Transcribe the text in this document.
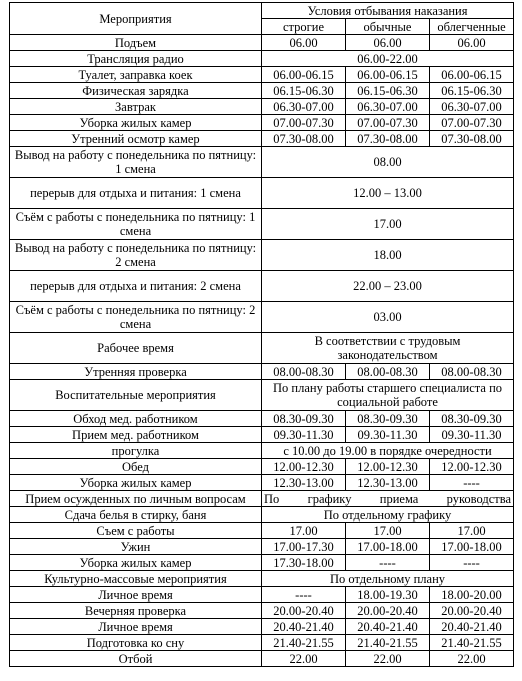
Мероприятия	Условия отбывания наказания		
	строгие	обычные	облегченные
Подъем	06.00	06.00	06.00
Трансляция радио	06.00-22.00		
Туалет, заправка коек	06.00-06.15	06.00-06.15	06.00-06.15
Физическая зарядка	06.15-06.30	06.15-06.30	06.15-06.30
Завтрак	06.30-07.00	06.30-07.00	06.30-07.00
Уборка жилых камер	07.00-07.30	07.00-07.30	07.00-07.30
Утренний осмотр камер	07.30-08.00	07.30-08.00	07.30-08.00
Вывод на работу с понедельника по пятницу: 1 смена	08.00		
перерыв для отдыха и питания: 1 смена	12.00 – 13.00		
Съём с работы с понедельника по пятницу: 1 смена	17.00		
Вывод на работу с понедельника по пятницу: 2 смена	18.00		
перерыв для отдыха и питания: 2 смена	22.00 – 23.00		
Съём с работы с понедельника по пятницу: 2 смена	03.00		
Рабочее время	В соответствии с трудовым законодательством		
Утренняя проверка	08.00-08.30	08.00-08.30	08.00-08.30
Воспитательные мероприятия	По плану работы старшего специалиста по социальной работе		
Обход мед. работником	08.30-09.30	08.30-09.30	08.30-09.30
Прием мед. работником	09.30-11.30	09.30-11.30	09.30-11.30
прогулка	с 10.00 до 19.00 в порядке очередности		
Обед	12.00-12.30	12.00-12.30	12.00-12.30
Уборка жилых камер	12.30-13.00	12.30-13.00	----
Прием осужденных по личным вопросам	По графику приема руководства		
Сдача белья в стирку, баня	По отдельному графику		
Съем с работы	17.00	17.00	17.00
Ужин	17.00-17.30	17.00-18.00	17.00-18.00
Уборка жилых камер	17.30-18.00	----	----
Культурно-массовые мероприятия	По отдельному плану		
Личное время	----	18.00-19.30	18.00-20.00
Вечерняя проверка	20.00-20.40	20.00-20.40	20.00-20.40
Личное время	20.40-21.40	20.40-21.40	20.40-21.40
Подготовка ко сну	21.40-21.55	21.40-21.55	21.40-21.55
Отбой	22.00	22.00	22.00
